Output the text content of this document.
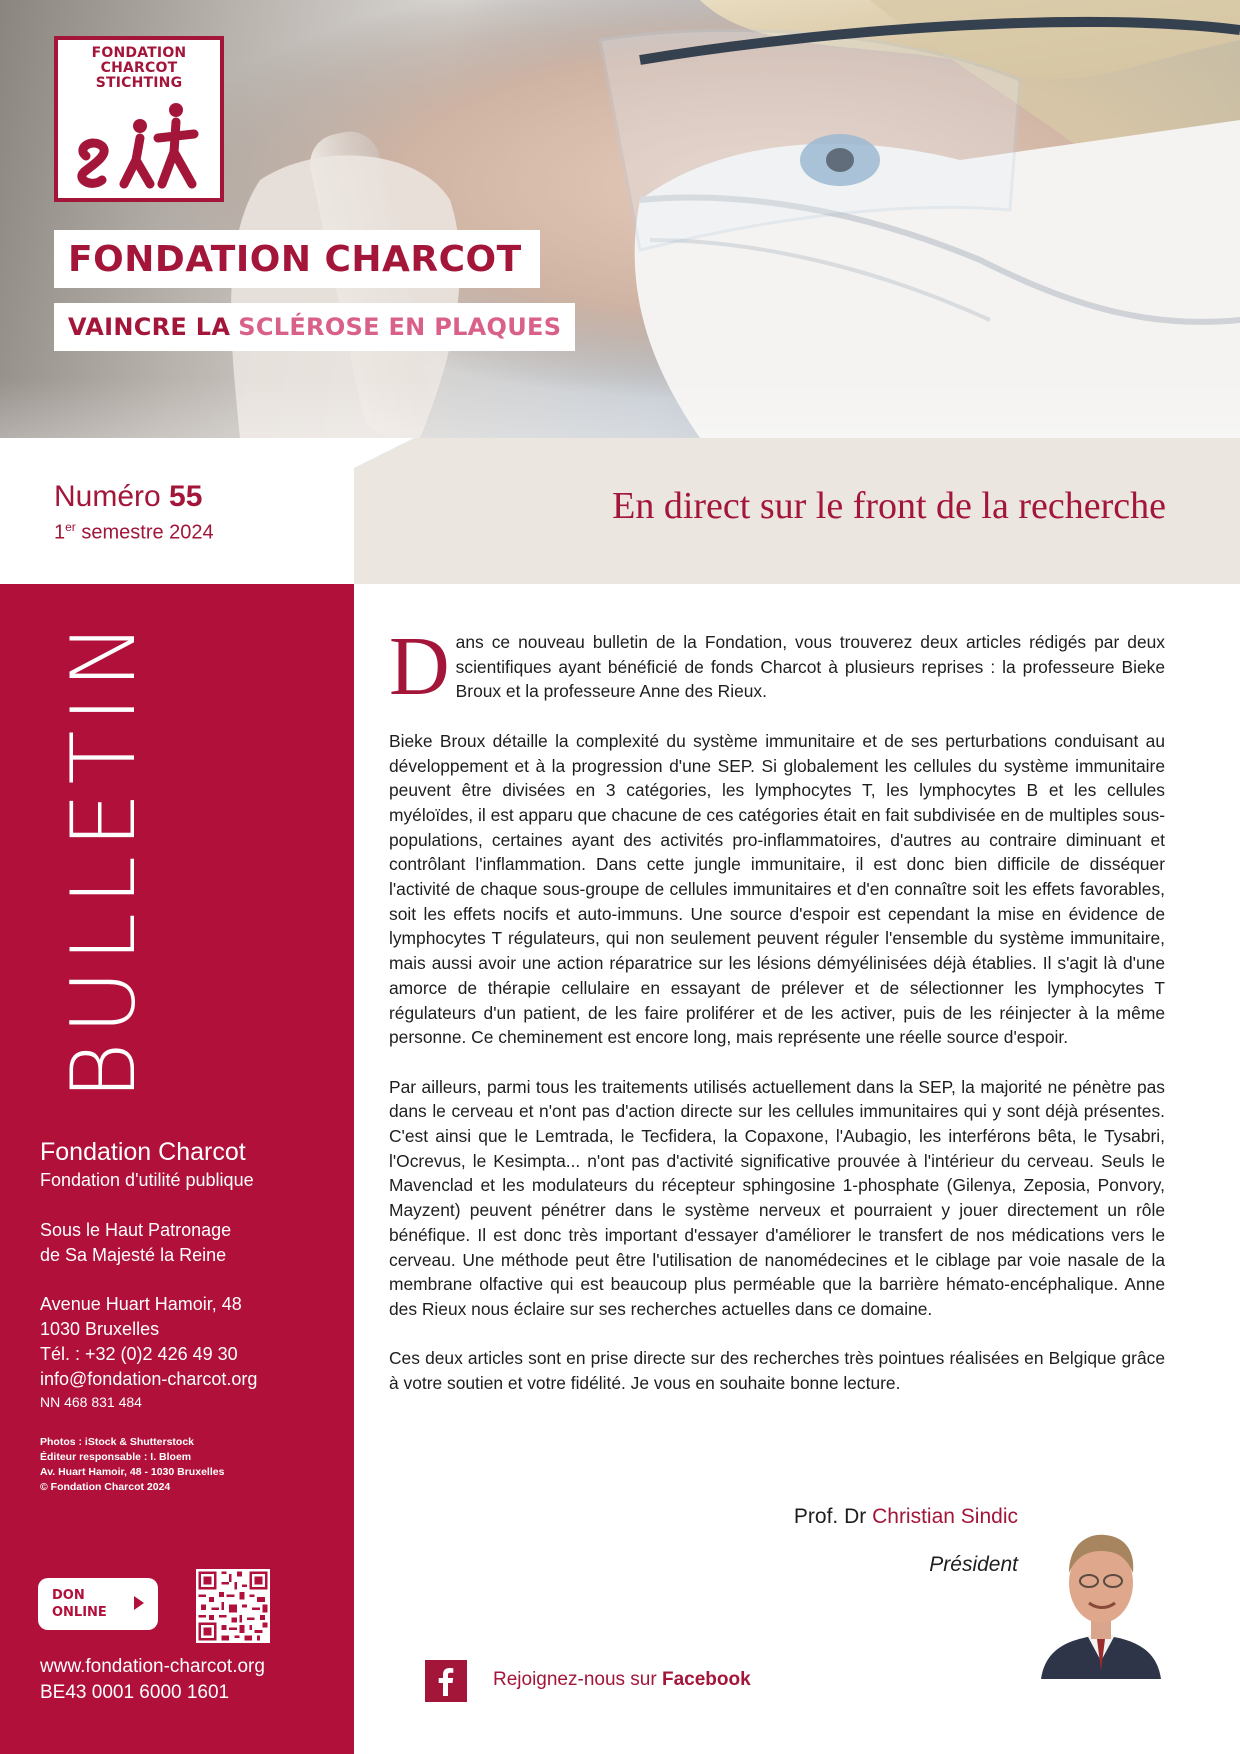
FONDATION
CHARCOT
STICHTING
FONDATION CHARCOT
VAINCRE LA SCLÉROSE EN PLAQUES
Numéro 55
1er semestre 2024
En direct sur le front de la recherche
BULLETIN
Fondation Charcot
Fondation d'utilité publique
Sous le Haut Patronage
de Sa Majesté la Reine
Avenue Huart Hamoir, 48
1030 Bruxelles
Tél. : +32 (0)2 426 49 30
info@fondation-charcot.org
NN 468 831 484
Photos : iStock & Shutterstock
Éditeur responsable : I. Bloem
Av. Huart Hamoir, 48 - 1030 Bruxelles
© Fondation Charcot 2024
DON
ONLINE
www.fondation-charcot.org
BE43 0001 6000 1601

Dans ce nouveau bulletin de la Fondation, vous trouverez deux articles rédigés par deux scientifiques ayant bénéficié de fonds Charcot à plusieurs reprises : la professeure Bieke Broux et la professeure Anne des Rieux.

Bieke Broux détaille la complexité du système immunitaire et de ses perturbations conduisant au développement et à la progression d'une SEP. Si globalement les cellules du système immunitaire peuvent être divisées en 3 catégories, les lymphocytes T, les lymphocytes B et les cellules myéloïdes, il est apparu que chacune de ces catégories était en fait subdivisée en de multiples sous-populations, certaines ayant des activités pro-inflammatoires, d'autres au contraire diminuant et contrôlant l'inflammation. Dans cette jungle immunitaire, il est donc bien difficile de disséquer l'activité de chaque sous-groupe de cellules immunitaires et d'en connaître soit les effets favorables, soit les effets nocifs et auto-immuns. Une source d'espoir est cependant la mise en évidence de lymphocytes T régulateurs, qui non seulement peuvent réguler l'ensemble du système immunitaire, mais aussi avoir une action réparatrice sur les lésions démyélinisées déjà établies. Il s'agit là d'une amorce de thérapie cellulaire en essayant de prélever et de sélectionner les lymphocytes T régulateurs d'un patient, de les faire proliférer et de les activer, puis de les réinjecter à la même personne. Ce cheminement est encore long, mais représente une réelle source d'espoir.

Par ailleurs, parmi tous les traitements utilisés actuellement dans la SEP, la majorité ne pénètre pas dans le cerveau et n'ont pas d'action directe sur les cellules immunitaires qui y sont déjà présentes. C'est ainsi que le Lemtrada, le Tecfidera, la Copaxone, l'Aubagio, les interférons bêta, le Tysabri, l'Ocrevus, le Kesimpta... n'ont pas d'activité significative prouvée à l'intérieur du cerveau. Seuls le Mavenclad et les modulateurs du récepteur sphingosine 1-phosphate (Gilenya, Zeposia, Ponvory, Mayzent) peuvent pénétrer dans le système nerveux et pourraient y jouer directement un rôle bénéfique. Il est donc très important d'essayer d'améliorer le transfert de nos médications vers le cerveau. Une méthode peut être l'utilisation de nanomédecines et le ciblage par voie nasale de la membrane olfactive qui est beaucoup plus perméable que la barrière hémato-encéphalique. Anne des Rieux nous éclaire sur ses recherches actuelles dans ce domaine.

Ces deux articles sont en prise directe sur des recherches très pointues réalisées en Belgique grâce à votre soutien et votre fidélité. Je vous en souhaite bonne lecture.

Prof. Dr Christian Sindic
Président
Rejoignez-nous sur Facebook
